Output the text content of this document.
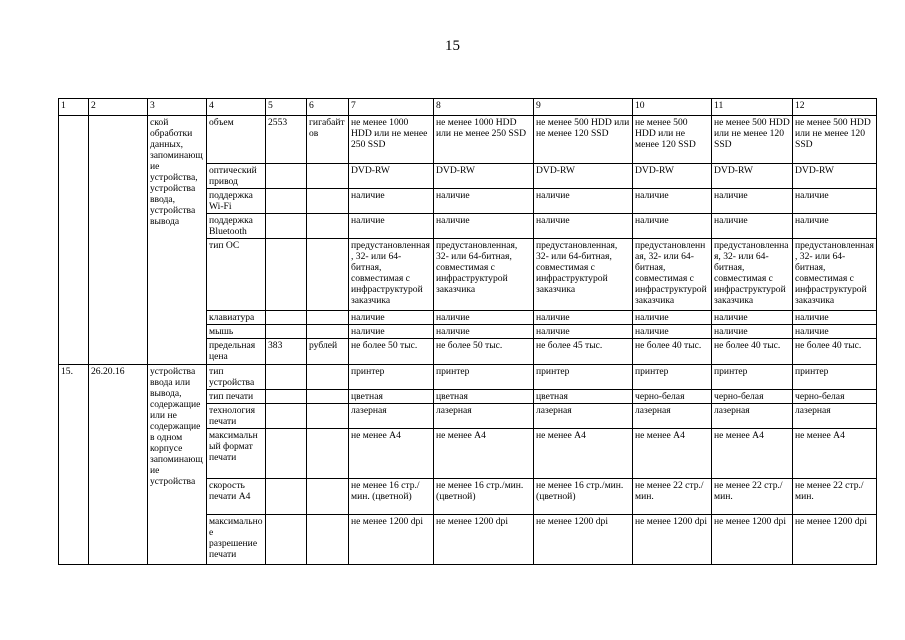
15
1	2	3	4	5	6	7	8	9	10	11	12
		ской обработки данных, запоминающие устройства, устройства ввода, устройства вывода	объем	2553	гигабайтов	не менее 1000 HDD или не менее 250 SSD	не менее 1000 HDD или не менее 250 SSD	не менее 500 HDD или не менее 120 SSD	не менее 500 HDD или не менее 120 SSD	не менее 500 HDD или не менее 120 SSD	не менее 500 HDD или не менее 120 SSD
			оптический привод			DVD-RW	DVD-RW	DVD-RW	DVD-RW	DVD-RW	DVD-RW
			поддержка Wi-Fi			наличие	наличие	наличие	наличие	наличие	наличие
			поддержка Bluetooth			наличие	наличие	наличие	наличие	наличие	наличие
			тип ОС			предустановленная, 32- или 64-битная, совместимая с инфраструктурой заказчика	предустановленная, 32- или 64-битная, совместимая с инфраструктурой заказчика	предустановленная, 32- или 64-битная, совместимая с инфраструктурой заказчика	предустановленная, 32- или 64-битная, совместимая с инфраструктурой заказчика	предустановленная, 32- или 64-битная, совместимая с инфраструктурой заказчика	предустановленная, 32- или 64-битная, совместимая с инфраструктурой заказчика
			клавиатура			наличие	наличие	наличие	наличие	наличие	наличие
			мышь			наличие	наличие	наличие	наличие	наличие	наличие
			предельная цена	383	рублей	не более 50 тыс.	не более 50 тыс.	не более 45 тыс.	не более 40 тыс.	не более 40 тыс.	не более 40 тыс.
15.	26.20.16	устройства ввода или вывода, содержащие или не содержащие в одном корпусе запоминающие устройства	тип устройства			принтер	принтер	принтер	принтер	принтер	принтер
			тип печати			цветная	цветная	цветная	черно-белая	черно-белая	черно-белая
			технология печати			лазерная	лазерная	лазерная	лазерная	лазерная	лазерная
			максимальный формат печати			не менее А4	не менее А4	не менее А4	не менее А4	не менее А4	не менее А4
			скорость печати А4			не менее 16 стр./мин. (цветной)	не менее 16 стр./мин. (цветной)	не менее 16 стр./мин. (цветной)	не менее 22 стр./мин.	не менее 22 стр./мин.	не менее 22 стр./мин.
			максимальное разрешение печати			не менее 1200 dpi	не менее 1200 dpi	не менее 1200 dpi	не менее 1200 dpi	не менее 1200 dpi	не менее 1200 dpi
